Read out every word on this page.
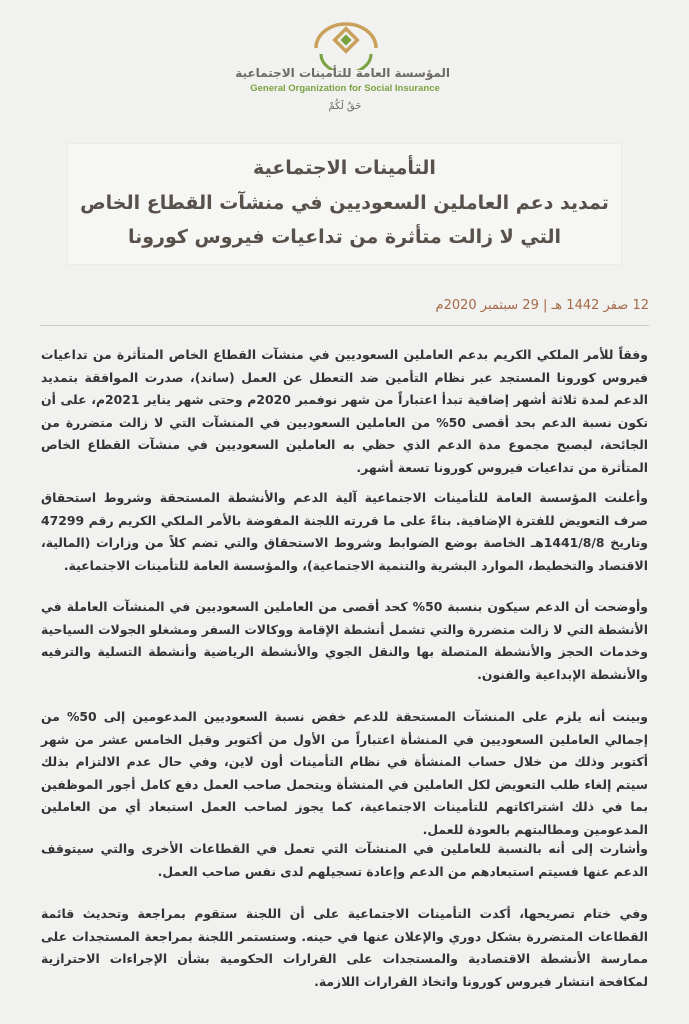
المؤسسة العامة للتأمينات الاجتماعية
General Organization for Social Insurance
حَقٌ لَكُمْ
التأمينات الاجتماعية
تمديد دعم العاملين السعوديين في منشآت القطاع الخاص
التي لا زالت متأثرة من تداعيات فيروس كورونا
12 صفر 1442 هـ | 29 سبتمبر 2020م

وفقاً للأمر الملكي الكريم بدعم العاملين السعوديين في منشآت القطاع الخاص المتأثرة من تداعيات فيروس كورونا المستجد عبر نظام التأمين ضد التعطل عن العمل (ساند)، صدرت الموافقة بتمديد الدعم لمدة ثلاثة أشهر إضافية تبدأ اعتباراً من شهر نوفمبر 2020م وحتى شهر يناير 2021م، على أن تكون نسبة الدعم بحد أقصى 50% من العاملين السعوديين في المنشآت التي لا زالت متضررة من الجائحة، ليصبح مجموع مدة الدعم الذي حظي به العاملين السعوديين في منشآت القطاع الخاص المتأثرة من تداعيات فيروس كورونا تسعة أشهر.

وأعلنت المؤسسة العامة للتأمينات الاجتماعية آلية الدعم والأنشطة المستحقة وشروط استحقاق صرف التعويض للفترة الإضافية. بناءً على ما قررته اللجنة المفوضة بالأمر الملكي الكريم رقم 47299 وتاريخ 1441/8/8هـ الخاصة بوضع الضوابط وشروط الاستحقاق والتي تضم كلاً من وزارات (المالية، الاقتصاد والتخطيط، الموارد البشرية والتنمية الاجتماعية)، والمؤسسة العامة للتأمينات الاجتماعية.

وأوضحت أن الدعم سيكون بنسبة 50% كحد أقصى من العاملين السعوديين في المنشآت العاملة في الأنشطة التي لا زالت متضررة والتي تشمل أنشطة الإقامة ووكالات السفر ومشغلو الجولات السياحية وخدمات الحجز والأنشطة المتصلة بها والنقل الجوي والأنشطة الرياضية وأنشطة التسلية والترفيه والأنشطة الإبداعية والفنون.

وبينت أنه يلزم على المنشآت المستحقة للدعم خفض نسبة السعوديين المدعومين إلى 50% من إجمالي العاملين السعوديين في المنشأة اعتباراً من الأول من أكتوبر وقبل الخامس عشر من شهر أكتوبر وذلك من خلال حساب المنشأة في نظام التأمينات أون لاين، وفي حال عدم الالتزام بذلك سيتم إلغاء طلب التعويض لكل العاملين في المنشأة ويتحمل صاحب العمل دفع كامل أجور الموظفين بما في ذلك اشتراكاتهم للتأمينات الاجتماعية، كما يجوز لصاحب العمل استبعاد أي من العاملين المدعومين ومطالبتهم بالعودة للعمل.

وأشارت إلى أنه بالنسبة للعاملين في المنشآت التي تعمل في القطاعات الأخرى والتي سيتوقف الدعم عنها فسيتم استبعادهم من الدعم وإعادة تسجيلهم لدى نفس صاحب العمل.

وفي ختام تصريحها، أكدت التأمينات الاجتماعية على أن اللجنة ستقوم بمراجعة وتحديث قائمة القطاعات المتضررة بشكل دوري والإعلان عنها في حينه. وستستمر اللجنة بمراجعة المستجدات على ممارسة الأنشطة الاقتصادية والمستجدات على القرارات الحكومية بشأن الإجراءات الاحترازية لمكافحة انتشار فيروس كورونا واتخاذ القرارات اللازمة.
